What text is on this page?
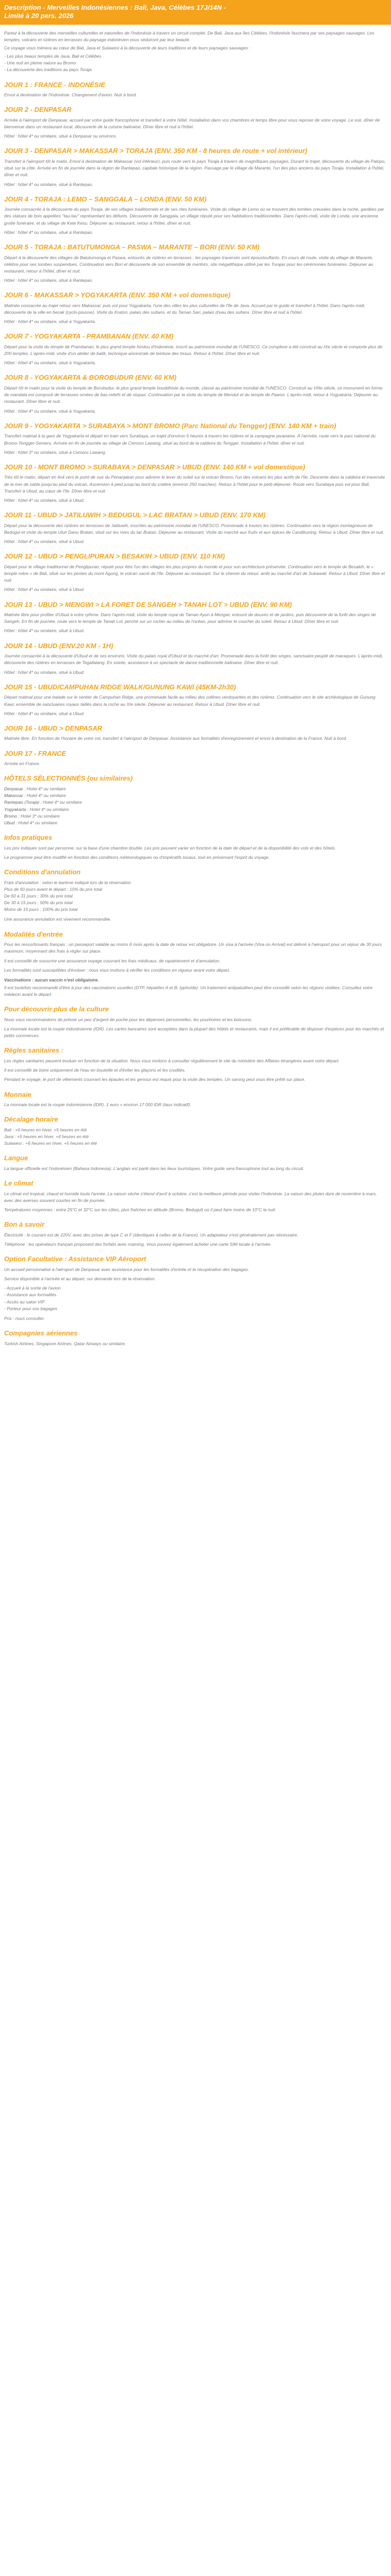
Description - Merveilles Indonésiennes : Bali, Java, Célèbes 17J/14N -
Limité à 20 pers. 2026

Partez à la découverte des merveilles culturelles et naturelles de l'Indonésie à travers un circuit complet. De Bali, Java aux îles Célèbes, l'Indonésie fascinera par ses paysages sauvages. Les temples, volcans et rizières en terrasses du paysage indonésien vous séduiront par leur beauté.

Ce voyage vous mènera au cœur de Bali, Java et Sulawesi à la découverte de leurs traditions et de leurs paysages sauvages :

- Les plus beaux temples de Java, Bali et Célèbes
- Une nuit en pleine nature au Bromo
- La découverte des traditions au pays Toraja
JOUR 1 : FRANCE - INDONÉSIE

Envol à destination de l'Indonésie. Changement d'avion. Nuit à bord.

JOUR 2 - DENPASAR

Arrivée à l'aéroport de Denpasar, accueil par votre guide francophone et transfert à votre hôtel. Installation dans vos chambres et temps libre pour vous reposer de votre voyage. Le soir, dîner de bienvenue dans un restaurant local, découverte de la cuisine balinaise. Dîner libre et nuit à l'hôtel.

Hôtel : hôtel 4* ou similaire, situé à Denpasar ou environs.

JOUR 3 - DENPASAR > MAKASSAR > TORAJA (ENV. 350 KM - 8 heures de route + vol intérieur)

Transfert à l'aéroport tôt le matin. Envol à destination de Makassar (vol intérieur), puis route vers le pays Toraja à travers de magnifiques paysages. Durant le trajet, découverte du village de Palopo, situé sur la côte. Arrivée en fin de journée dans la région de Rantepao, capitale historique de la région. Passage par le village de Marante, l'un des plus anciens du pays Toraja. Installation à l'hôtel, dîner et nuit.

Hôtel : hôtel 4* ou similaire, situé à Rantepao.

JOUR 4 - TORAJA : LEMO – SANGGALA – LONDA (ENV. 50 KM)

Journée consacrée à la découverte du pays Toraja, de ses villages traditionnels et de ses rites funéraires. Visite du village de Lemo où se trouvent des tombes creusées dans la roche, gardées par des statues de bois appelées "tau-tau" représentant les défunts. Découverte de Sanggala, un village réputé pour ses habitations traditionnelles. Dans l'après-midi, visite de Londa, une ancienne grotte funéraire, et du village de Kete Kesu. Déjeuner au restaurant, retour à l'hôtel, dîner et nuit.

Hôtel : hôtel 4* ou similaire, situé à Rantepao.

JOUR 5 - TORAJA : BATUTUMONGA – PASWA – MARANTE – BORI (ENV. 50 KM)

Départ à la découverte des villages de Batutumonga et Paswa, entourés de rizières en terrasses ; les paysages traversés sont époustouflants. En cours de route, visite du village de Marante, célèbre pour ses tombes suspendues. Continuation vers Bori et découverte de son ensemble de menhirs, site mégalithique utilisé par les Torajas pour les cérémonies funéraires. Déjeuner au restaurant, retour à l'hôtel, dîner et nuit.

Hôtel : hôtel 4* ou similaire, situé à Rantepao.

JOUR 6 - MAKASSAR > YOGYAKARTA (ENV. 350 KM + vol domestique)

Matinée consacrée au trajet retour vers Makassar, puis vol pour Yogyakarta, l'une des villes les plus culturelles de l'île de Java. Accueil par le guide et transfert à l'hôtel. Dans l'après-midi, découverte de la ville en becak (cyclo-pousse). Visite du Kraton, palais des sultans, et du Taman Sari, palais d'eau des sultans. Dîner libre et nuit à l'hôtel.

Hôtel : hôtel 4* ou similaire, situé à Yogyakarta.

JOUR 7 - YOGYAKARTA - PRAMBANAN (ENV. 40 KM)

Départ pour la visite du temple de Prambanan, le plus grand temple hindou d'Indonésie, inscrit au patrimoine mondial de l'UNESCO. Ce complexe a été construit au IXe siècle et comporte plus de 200 temples. L'après-midi, visite d'un atelier de batik, technique ancestrale de teinture des tissus. Retour à l'hôtel. Dîner libre et nuit.

Hôtel : hôtel 4* ou similaire, situé à Yogyakarta.

JOUR 8 - YOGYAKARTA & BOROBUDUR (ENV. 60 KM)

Départ tôt le matin pour la visite du temple de Borobudur, le plus grand temple bouddhiste du monde, classé au patrimoine mondial de l'UNESCO. Construit au VIIIe siècle, ce monument en forme de mandala est composé de terrasses ornées de bas-reliefs et de stupas. Continuation par la visite du temple de Mendut et du temple de Pawon. L'après-midi, retour à Yogyakarta. Déjeuner au restaurant. Dîner libre et nuit.

Hôtel : hôtel 4* ou similaire, situé à Yogyakarta.

JOUR 9 - YOGYAKARTA > SURABAYA > MONT BROMO (Parc National du Tengger) (ENV. 140 KM + train)

Transfert matinal à la gare de Yogyakarta et départ en train vers Surabaya, un trajet d'environ 5 heures à travers les rizières et la campagne javanaise. À l'arrivée, route vers le parc national du Bromo-Tengger-Semeru. Arrivée en fin de journée au village de Cemoro Lawang, situé au bord de la caldeira du Tengger. Installation à l'hôtel, dîner et nuit.

Hôtel : hôtel 3* ou similaire, situé à Cemoro Lawang.

JOUR 10 - MONT BROMO > SURABAYA > DENPASAR > UBUD (ENV. 140 KM + vol domestique)

Très tôt le matin, départ en 4x4 vers le point de vue du Penanjakan pour admirer le lever du soleil sur le volcan Bromo, l'un des volcans les plus actifs de l'île. Descente dans la caldeira et traversée de la mer de sable jusqu'au pied du volcan. Ascension à pied jusqu'au bord du cratère (environ 250 marches). Retour à l'hôtel pour le petit-déjeuner. Route vers Surabaya puis vol pour Bali. Transfert à Ubud, au cœur de l'île. Dîner libre et nuit.

Hôtel : hôtel 4* ou similaire, situé à Ubud.

JOUR 11 - UBUD > JATILUWIH > BEDUGUL > LAC BRATAN > UBUD (ENV. 170 KM)

Départ pour la découverte des rizières en terrasses de Jatiluwih, inscrites au patrimoine mondial de l'UNESCO. Promenade à travers les rizières. Continuation vers la région montagneuse de Bedugul et visite du temple Ulun Danu Bratan, situé sur les rives du lac Bratan. Déjeuner au restaurant. Visite du marché aux fruits et aux épices de Candikuning. Retour à Ubud. Dîner libre et nuit.

Hôtel : hôtel 4* ou similaire, situé à Ubud.

JOUR 12 - UBUD > PENGLIPURAN > BESAKIH > UBUD (ENV. 110 KM)

Départ pour le village traditionnel de Penglipuran, réputé pour être l'un des villages les plus propres du monde et pour son architecture préservée. Continuation vers le temple de Besakih, le « temple mère » de Bali, situé sur les pentes du mont Agung, le volcan sacré de l'île. Déjeuner au restaurant. Sur le chemin du retour, arrêt au marché d'art de Sukawati. Retour à Ubud. Dîner libre et nuit.

Hôtel : hôtel 4* ou similaire, situé à Ubud.

JOUR 13 - UBUD > MENGWI > LA FORET DE SANGEH > TANAH LOT > UBUD (ENV. 90 KM)

Matinée libre pour profiter d'Ubud à votre rythme. Dans l'après-midi, visite du temple royal de Taman Ayun à Mengwi, entouré de douves et de jardins, puis découverte de la forêt des singes de Sangeh. En fin de journée, route vers le temple de Tanah Lot, perché sur un rocher au milieu de l'océan, pour admirer le coucher du soleil. Retour à Ubud. Dîner libre et nuit.

Hôtel : hôtel 4* ou similaire, situé à Ubud.

JOUR 14 - UBUD (ENV.20 KM - 1H)

Journée consacrée à la découverte d'Ubud et de ses environs. Visite du palais royal d'Ubud et du marché d'art. Promenade dans la forêt des singes, sanctuaire peuplé de macaques. L'après-midi, découverte des rizières en terrasses de Tegallalang. En soirée, assistance à un spectacle de danse traditionnelle balinaise. Dîner libre et nuit.

Hôtel : hôtel 4* ou similaire, situé à Ubud.

JOUR 15 - UBUD/CAMPUHAN RIDGE WALK/GUNUNG KAWI (45KM-2h30)

Départ matinal pour une balade sur le sentier de Campuhan Ridge, une promenade facile au milieu des collines verdoyantes et des rizières. Continuation vers le site archéologique de Gunung Kawi, ensemble de sanctuaires royaux taillés dans la roche au XIe siècle. Déjeuner au restaurant. Retour à Ubud. Dîner libre et nuit.

Hôtel : hôtel 4* ou similaire, situé à Ubud.

JOUR 16 - UBUD > DENPASAR

Matinée libre. En fonction de l'horaire de votre vol, transfert à l'aéroport de Denpasar. Assistance aux formalités d'enregistrement et envol à destination de la France. Nuit à bord.

JOUR 17 - FRANCE

Arrivée en France.

HÔTELS SÉLECTIONNÉS (ou similaires)
Denpasar : Hotel 4* ou similaire
Makassar : Hotel 4* ou similaire
Rantepao (Toraja) : Hotel 4* ou similaire
Yogyakarta : Hotel 4* ou similaire
Bromo : Hotel 3* ou similaire
Ubud : Hotel 4* ou similaire
Infos pratiques

Les prix indiqués sont par personne, sur la base d'une chambre double. Les prix peuvent varier en fonction de la date de départ et de la disponibilité des vols et des hôtels.

Le programme peut être modifié en fonction des conditions météorologiques ou d'impératifs locaux, tout en préservant l'esprit du voyage.

Conditions d'annulation
Frais d'annulation : selon le barème indiqué lors de la réservation
Plus de 60 jours avant le départ : 10% du prix total
De 60 à 31 jours : 30% du prix total
De 30 à 15 jours : 50% du prix total
Moins de 15 jours : 100% du prix total

Une assurance annulation est vivement recommandée.

Modalités d'entrée

Pour les ressortissants français : un passeport valable au moins 6 mois après la date de retour est obligatoire. Un visa à l'arrivée (Visa on Arrival) est délivré à l'aéroport pour un séjour de 30 jours maximum, moyennant des frais à régler sur place.

Il est conseillé de souscrire une assurance voyage couvrant les frais médicaux, de rapatriement et d'annulation.

Les formalités sont susceptibles d'évoluer : nous vous invitons à vérifier les conditions en vigueur avant votre départ.

Vaccinations : aucun vaccin n'est obligatoire.

Il est toutefois recommandé d'être à jour des vaccinations usuelles (DTP, hépatites A et B, typhoïde). Un traitement antipaludéen peut être conseillé selon les régions visitées. Consultez votre médecin avant le départ.

Pour découvrir plus de la culture

Nous vous recommandons de prévoir un peu d'argent de poche pour les dépenses personnelles, les pourboires et les boissons.

La monnaie locale est la roupie indonésienne (IDR). Les cartes bancaires sont acceptées dans la plupart des hôtels et restaurants, mais il est préférable de disposer d'espèces pour les marchés et petits commerces.

Règles sanitaires :

Les règles sanitaires peuvent évoluer en fonction de la situation. Nous vous invitons à consulter régulièrement le site du ministère des Affaires étrangères avant votre départ.

Il est conseillé de boire uniquement de l'eau en bouteille et d'éviter les glaçons et les crudités.

Pendant le voyage, le port de vêtements couvrant les épaules et les genoux est requis pour la visite des temples. Un sarong peut vous être prêté sur place.

Monnaie

La monnaie locale est la roupie indonésienne (IDR). 1 euro = environ 17 000 IDR (taux indicatif).

Décalage horaire
Bali : +6 heures en hiver, +5 heures en été
Java : +5 heures en hiver, +4 heures en été
Sulawesi : +6 heures en hiver, +5 heures en été
Langue

La langue officielle est l'indonésien (Bahasa Indonesia). L'anglais est parlé dans les lieux touristiques. Votre guide sera francophone tout au long du circuit.

Le climat

Le climat est tropical, chaud et humide toute l'année. La saison sèche s'étend d'avril à octobre, c'est la meilleure période pour visiter l'Indonésie. La saison des pluies dure de novembre à mars, avec des averses souvent courtes en fin de journée.

Températures moyennes : entre 25°C et 32°C sur les côtes, plus fraîches en altitude (Bromo, Bedugul) où il peut faire moins de 10°C la nuit.

Bon à savoir

Électricité : le courant est de 220V, avec des prises de type C et F (identiques à celles de la France). Un adaptateur n'est généralement pas nécessaire.

Téléphone : les opérateurs français proposent des forfaits avec roaming. Vous pouvez également acheter une carte SIM locale à l'arrivée.

Option Facultative : Assistance VIP Aéroport

Un accueil personnalisé à l'aéroport de Denpasar avec assistance pour les formalités d'entrée et la récupération des bagages.

Service disponible à l'arrivée et au départ, sur demande lors de la réservation.

- Accueil à la sortie de l'avion
- Assistance aux formalités
- Accès au salon VIP
- Porteur pour vos bagages

Prix : nous consulter.

Compagnies aériennes

Turkish Airlines, Singapore Airlines, Qatar Airways ou similaire.
